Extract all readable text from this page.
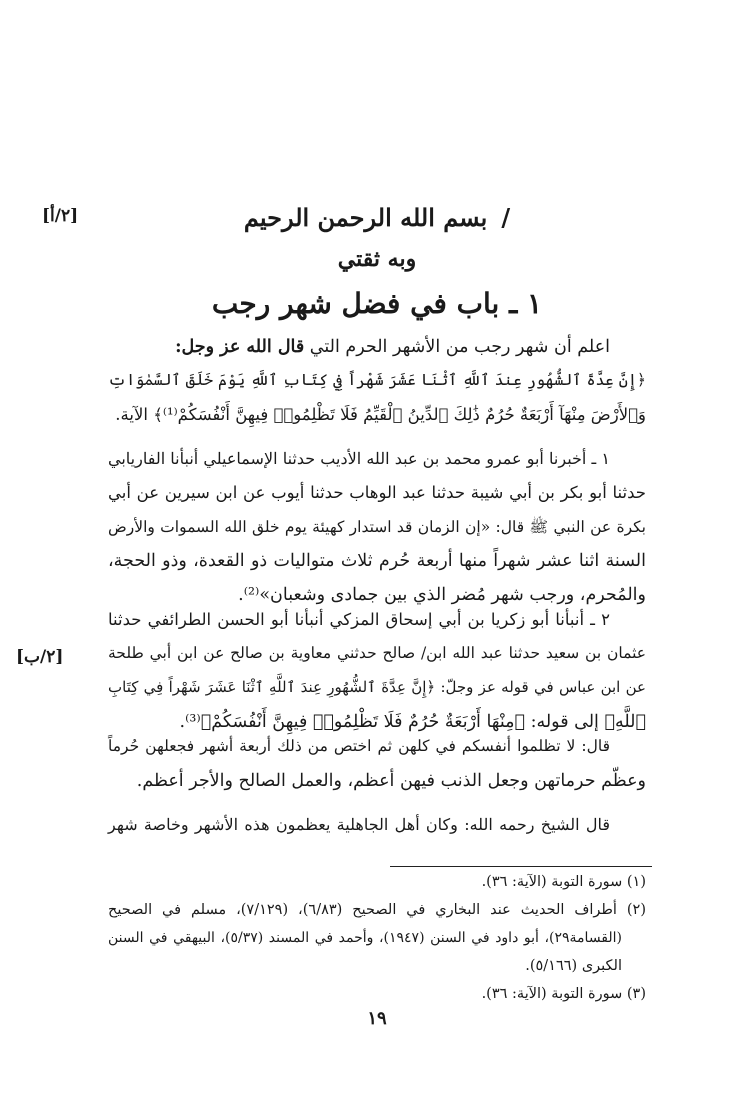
[٢/أ]
[٢/ب]
/بسم الله الرحمن الرحيم
وبه ثقتي
١ ـ باب في فضل شهر رجب
اعلم أن شهر رجب من الأشهر الحرم التي قال الله عز وجل:
﴿إِنَّ عِدَّةَ ٱلشُّهُورِ عِندَ ٱللَّهِ ٱثْنَا عَشَرَ شَهْراً فِي كِتَابِ ٱللَّهِ يَوْمَ خَلَقَ ٱلسَّمٰوَاتِ
وَٱلأَرْضَ مِنْهَآ أَرْبَعَةٌ حُرُمٌ ذَٰلِكَ ٱلدِّينُ ٱلْقَيِّمُ فَلَا تَظْلِمُوا۟ فِيهِنَّ أَنْفُسَكُمْ⁽¹⁾﴾ الآية.
١ ـ أخبرنا أبو عمرو محمد بن عبد الله الأديب حدثنا الإسماعيلي أنبأنا الفاريابي
حدثنا أبو بكر بن أبي شيبة حدثنا عبد الوهاب حدثنا أيوب عن ابن سيرين عن أبي
بكرة عن النبي ﷺ قال: «إن الزمان قد استدار كهيئة يوم خلق الله السموات والأرض
السنة اثنا عشر شهراً منها أربعة حُرم ثلاث متواليات ذو القعدة، وذو الحجة،
والمُحرم، ورجب شهر مُضر الذي بين جمادى وشعبان»⁽²⁾.
٢ ـ أنبأنا أبو زكريا بن أبي إسحاق المزكي أنبأنا أبو الحسن الطرائفي حدثنا
عثمان بن سعيد حدثنا عبد الله ابن/ صالح حدثني معاوية بن صالح عن ابن أبي طلحة
عن ابن عباس في قوله عز وجلّ: ﴿إِنَّ عِدَّةَ ٱلشُّهُورِ عِندَ ٱللَّهِ ٱثْنَا عَشَرَ شَهْراً فِي كِتَابِ
ٱللَّهِ﴾ إلى قوله: ﴿مِنْهَا أَرْبَعَةٌ حُرُمٌ فَلَا تَظْلِمُوا۟ فِيهِنَّ أَنْفُسَكُمْ﴾⁽³⁾.
قال: لا تظلموا أنفسكم في كلهن ثم اختص من ذلك أربعة أشهر فجعلهن حُرماً
وعظّم حرماتهن وجعل الذنب فيهن أعظم، والعمل الصالح والأجر أعظم.
قال الشيخ رحمه الله: وكان أهل الجاهلية يعظمون هذه الأشهر وخاصة شهر
(١) سورة التوبة (الآية: ٣٦).
(٢) أطراف الحديث عند البخاري في الصحيح (٦/٨٣)، (٧/١٢٩)، مسلم في الصحيح
(القسامة٢٩)، أبو داود في السنن (١٩٤٧)، وأحمد في المسند (٥/٣٧)، البيهقي في السنن
الكبرى (٥/١٦٦).
(٣) سورة التوبة (الآية: ٣٦).
١٩
